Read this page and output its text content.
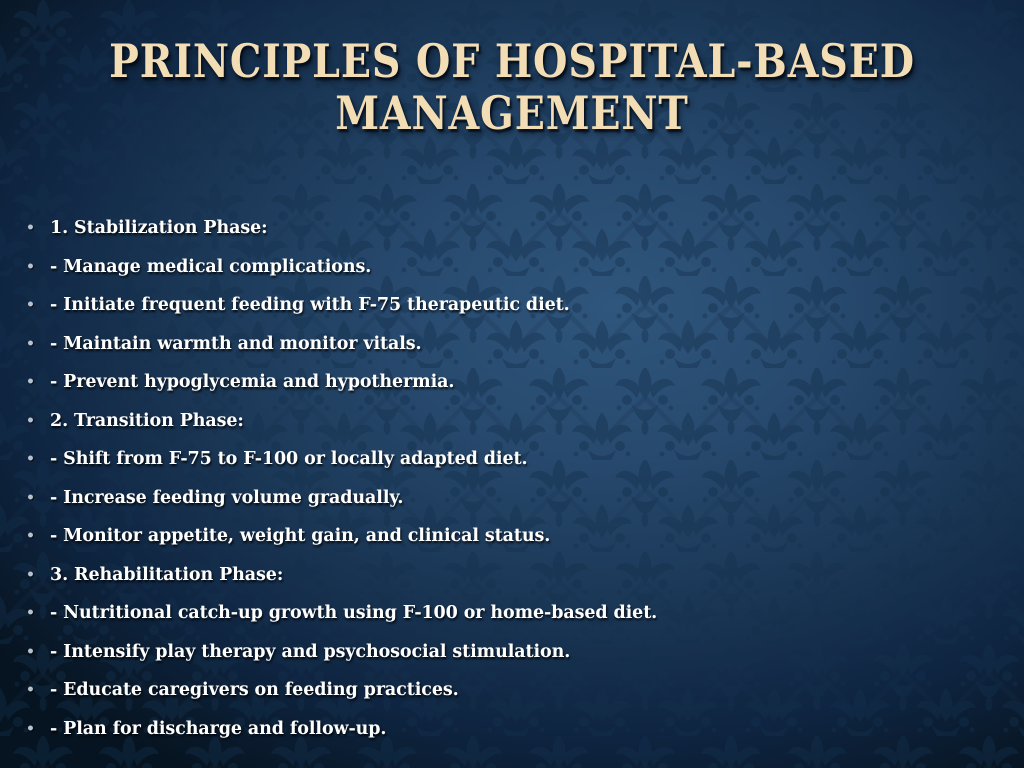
PRINCIPLES OF HOSPITAL-BASED
MANAGEMENT
• 1. Stabilization Phase:
• - Manage medical complications.
• - Initiate frequent feeding with F-75 therapeutic diet.
• - Maintain warmth and monitor vitals.
• - Prevent hypoglycemia and hypothermia.
• 2. Transition Phase:
• - Shift from F-75 to F-100 or locally adapted diet.
• - Increase feeding volume gradually.
• - Monitor appetite, weight gain, and clinical status.
• 3. Rehabilitation Phase:
• - Nutritional catch-up growth using F-100 or home-based diet.
• - Intensify play therapy and psychosocial stimulation.
• - Educate caregivers on feeding practices.
• - Plan for discharge and follow-up.
